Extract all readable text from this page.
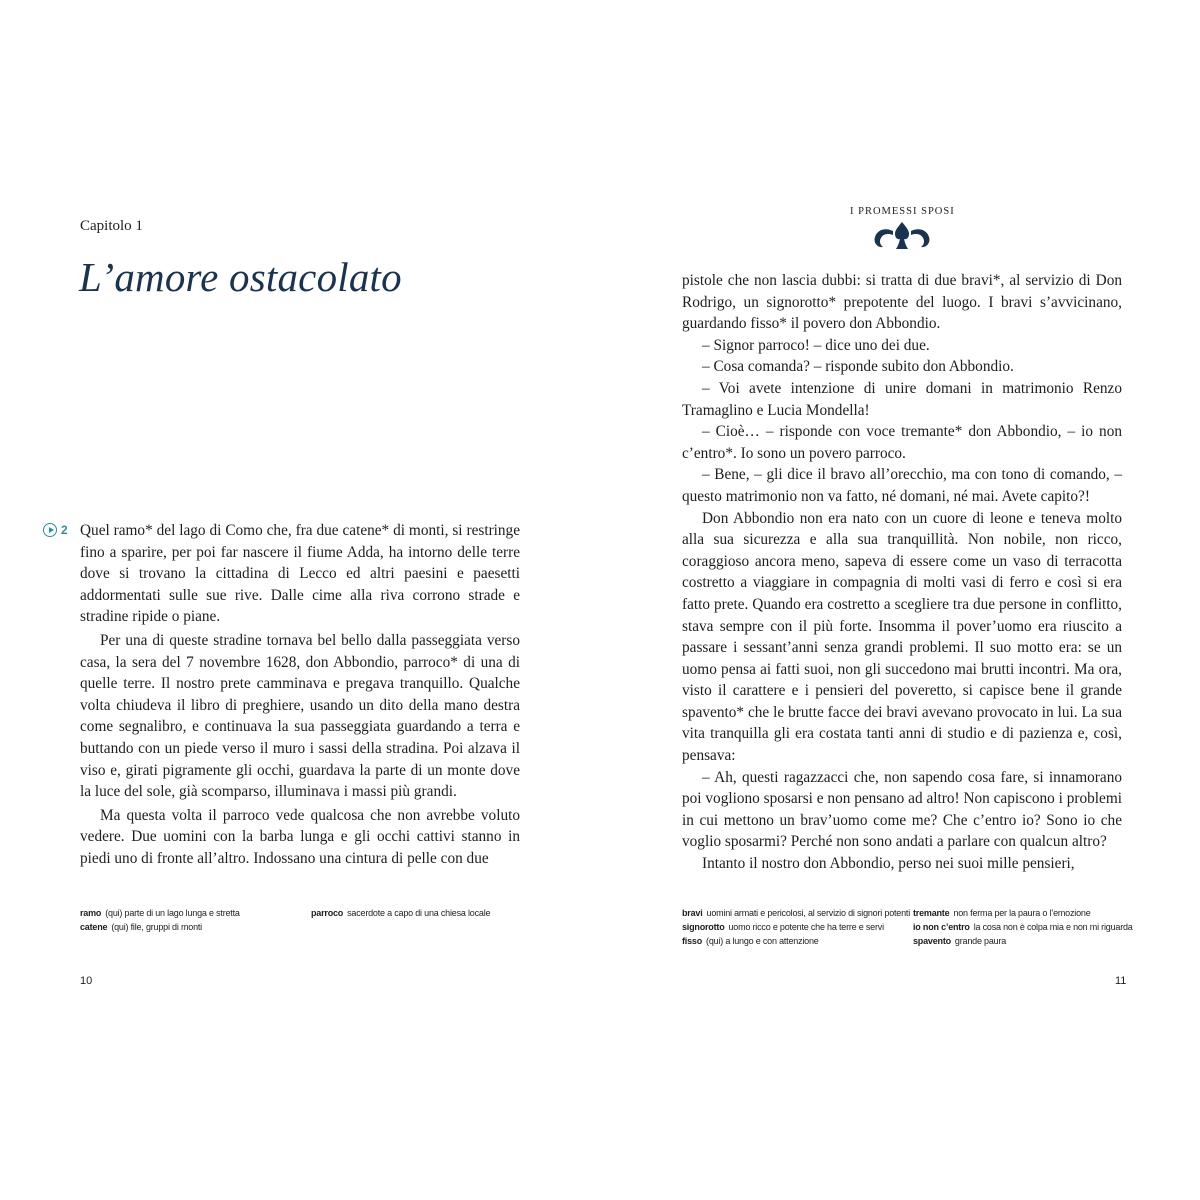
Capitolo 1
L’amore ostacolato
2 Quel ramo* del lago di Como che, fra due catene* di monti, si restringe fino a sparire, per poi far nascere il fiume Adda, ha intorno delle terre dove si trovano la cittadina di Lecco ed altri paesini e paesetti addormentati sulle sue rive. Dalle cime alla riva corrono strade e stradine ripide o piane.

Per una di queste stradine tornava bel bello dalla passeggiata verso casa, la sera del 7 novembre 1628, don Abbondio, parroco* di una di quelle terre. Il nostro prete camminava e pregava tranquillo. Qualche volta chiudeva il libro di preghiere, usando un dito della mano destra come segnalibro, e continuava la sua passeggiata guardando a terra e buttando con un piede verso il muro i sassi della stradina. Poi alzava il viso e, girati pigramente gli occhi, guardava la parte di un monte dove la luce del sole, già scomparso, illuminava i massi più grandi.

Ma questa volta il parroco vede qualcosa che non avrebbe voluto vedere. Due uomini con la barba lunga e gli occhi cattivi stanno in piedi uno di fronte all’altro. Indossano una cintura di pelle con due

ramo (qui) parte di un lago lunga e stretta
catene (qui) file, gruppi di monti
parroco sacerdote a capo di una chiesa locale
10
I PROMESSI SPOSI

pistole che non lascia dubbi: si tratta di due bravi*, al servizio di Don Rodrigo, un signorotto* prepotente del luogo. I bravi s’avvicinano, guardando fisso* il povero don Abbondio.

– Signor parroco! – dice uno dei due.

– Cosa comanda? – risponde subito don Abbondio.

– Voi avete intenzione di unire domani in matrimonio Renzo Tramaglino e Lucia Mondella!

– Cioè… – risponde con voce tremante* don Abbondio, – io non c’entro*. Io sono un povero parroco.

– Bene, – gli dice il bravo all’orecchio, ma con tono di comando, – questo matrimonio non va fatto, né domani, né mai. Avete capito?!

Don Abbondio non era nato con un cuore di leone e teneva molto alla sua sicurezza e alla sua tranquillità. Non nobile, non ricco, coraggioso ancora meno, sapeva di essere come un vaso di terracotta costretto a viaggiare in compagnia di molti vasi di ferro e così si era fatto prete. Quando era costretto a scegliere tra due persone in conflitto, stava sempre con il più forte. Insomma il pover’uomo era riuscito a passare i sessant’anni senza grandi problemi. Il suo motto era: se un uomo pensa ai fatti suoi, non gli succedono mai brutti incontri. Ma ora, visto il carattere e i pensieri del poveretto, si capisce bene il grande spavento* che le brutte facce dei bravi avevano provocato in lui. La sua vita tranquilla gli era costata tanti anni di studio e di pazienza e, così, pensava:

– Ah, questi ragazzacci che, non sapendo cosa fare, si innamorano poi vogliono sposarsi e non pensano ad altro! Non capiscono i problemi in cui mettono un brav’uomo come me? Che c’entro io? Sono io che voglio sposarmi? Perché non sono andati a parlare con qualcun altro?

Intanto il nostro don Abbondio, perso nei suoi mille pensieri,

bravi uomini armati e pericolosi, al servizio di signori potenti
signorotto uomo ricco e potente che ha terre e servi
fisso (qui) a lungo e con attenzione
tremante non ferma per la paura o l’emozione
io non c’entro la cosa non è colpa mia e non mi riguarda
spavento grande paura
11
